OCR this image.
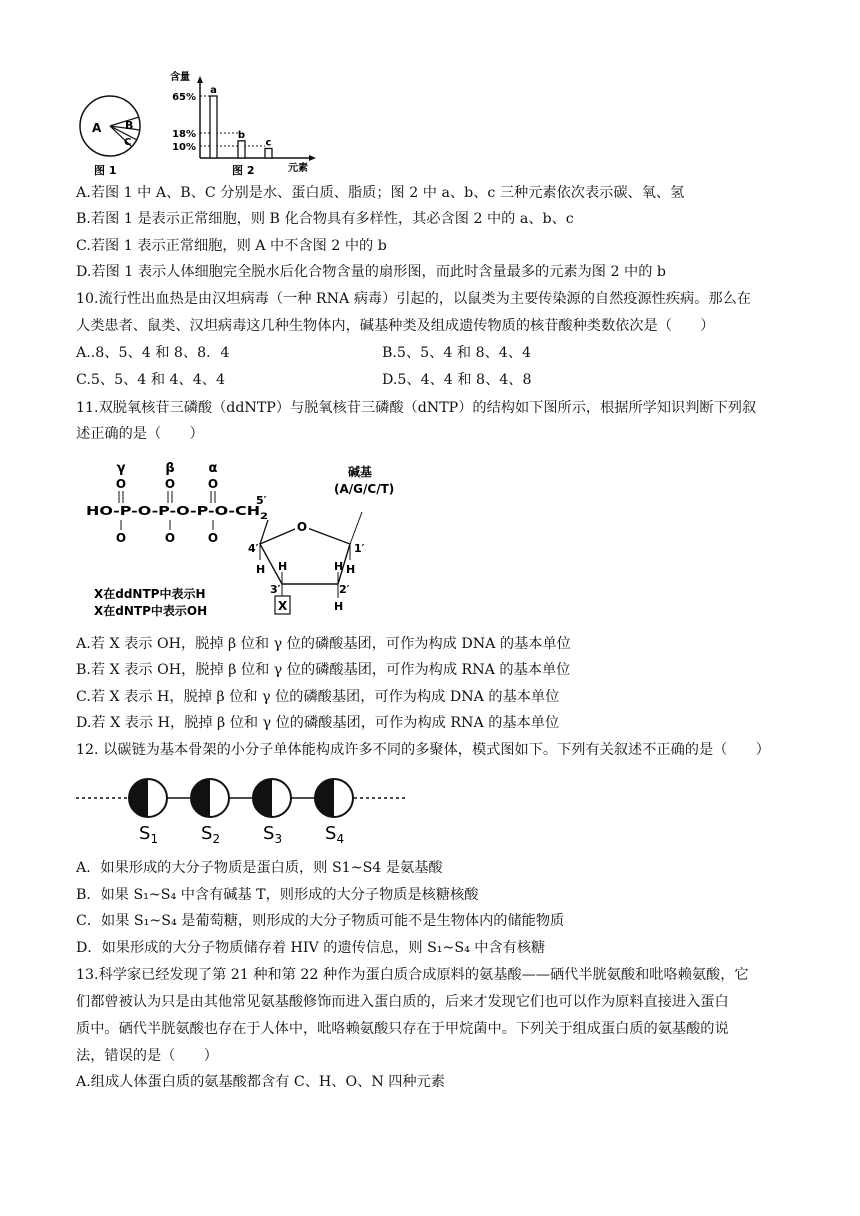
A B
C
图 1
含量
65%
18%
10%
a
b
c
元素
图 2
A.若图 1 中 A、B、C 分别是水、蛋白质、脂质；图 2 中 a、b、c 三种元素依次表示碳、氧、氢
B.若图 1 是表示正常细胞，则 B 化合物具有多样性，其必含图 2 中的 a、b、c
C.若图 1 表示正常细胞，则 A 中不含图 2 中的 b
D.若图 1 表示人体细胞完全脱水后化合物含量的扇形图，而此时含量最多的元素为图 2 中的 b
10.流行性出血热是由汉坦病毒（一种 RNA 病毒）引起的，以鼠类为主要传染源的自然疫源性疾病。那么在
人类患者、鼠类、汉坦病毒这几种生物体内，碱基种类及组成遗传物质的核苷酸种类数依次是（　　）
A..8、5、4 和 8、8．4	B.5、5、4 和 8、4、4
C.5、5、4 和 4、4、4	D.5、4、4 和 8、4、8
11.双脱氧核苷三磷酸（ddNTP）与脱氧核苷三磷酸（dNTP）的结构如下图所示，根据所学知识判断下列叙
述正确的是（　　）
γ	β	α
O	O	O
HO-P-O-P-O-P-O-CH	$_2$
O	O	O
5′
O
4′	1′
3′	2′
H	H
H	H
H
X
碱基
(A/G/C/T)
X在ddNTP中表示H
X在dNTP中表示OH
A.若 X 表示 OH，脱掉 β 位和 γ 位的磷酸基团，可作为构成 DNA 的基本单位
B.若 X 表示 OH，脱掉 β 位和 γ 位的磷酸基团，可作为构成 RNA 的基本单位
C.若 X 表示 H，脱掉 β 位和 γ 位的磷酸基团，可作为构成 DNA 的基本单位
D.若 X 表示 H，脱掉 β 位和 γ 位的磷酸基团，可作为构成 RNA 的基本单位
12. 以碳链为基本骨架的小分子单体能构成许多不同的多聚体，模式图如下。下列有关叙述不正确的是（　　）
$S_1$ $S_2$ $S_3$ $S_4$
A．如果形成的大分子物质是蛋白质，则 S1~S4 是氨基酸
B．如果 S₁~S₄ 中含有碱基 T，则形成的大分子物质是核糖核酸
C．如果 S₁~S₄ 是葡萄糖，则形成的大分子物质可能不是生物体内的储能物质
D．如果形成的大分子物质储存着 HIV 的遗传信息，则 S₁~S₄ 中含有核糖
13.科学家已经发现了第 21 种和第 22 种作为蛋白质合成原料的氨基酸——硒代半胱氨酸和吡咯赖氨酸，它
们都曾被认为只是由其他常见氨基酸修饰而进入蛋白质的，后来才发现它们也可以作为原料直接进入蛋白
质中。硒代半胱氨酸也存在于人体中，吡咯赖氨酸只存在于甲烷菌中。下列关于组成蛋白质的氨基酸的说
法，错误的是（　　）
A.组成人体蛋白质的氨基酸都含有 C、H、O、N 四种元素
